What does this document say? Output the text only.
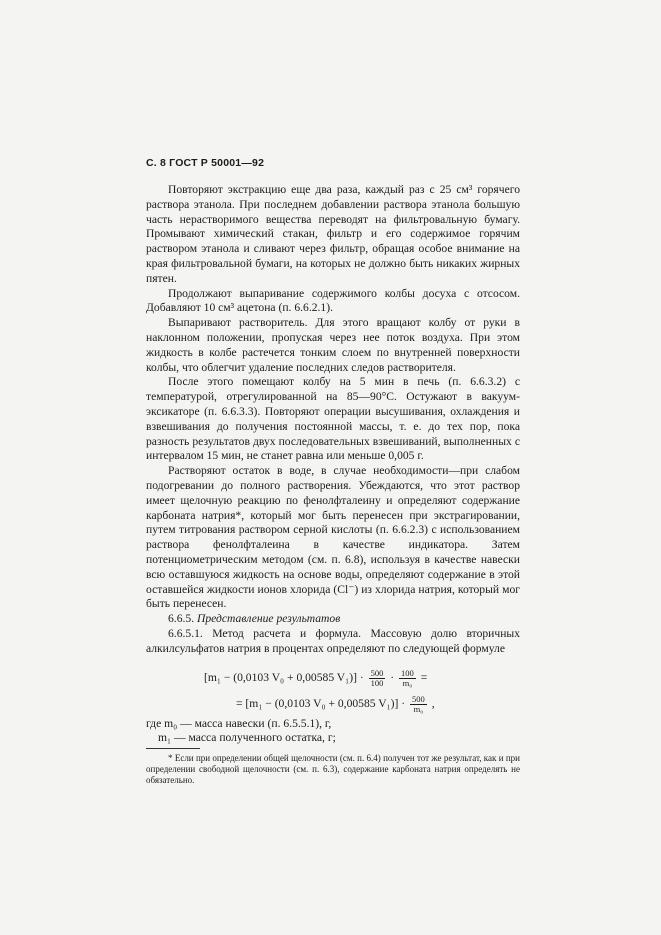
С. 8 ГОСТ Р 50001—92

Повторяют экстракцию еще два раза, каждый раз с 25 см³ горячего раствора этанола. При последнем добавлении раствора этанола большую часть нерастворимого вещества переводят на фильтровальную бумагу. Промывают химический стакан, фильтр и его содержимое горячим раствором этанола и сливают через фильтр, обращая особое внимание на края фильтровальной бумаги, на которых не должно быть никаких жирных пятен.

Продолжают выпаривание содержимого колбы досуха с отсосом. Добавляют 10 см³ ацетона (п. 6.6.2.1).

Выпаривают растворитель. Для этого вращают колбу от руки в наклонном положении, пропуская через нее поток воздуха. При этом жидкость в колбе растечется тонким слоем по внутренней поверхности колбы, что облегчит удаление последних следов растворителя.

После этого помещают колбу на 5 мин в печь (п. 6.6.3.2) с температурой, отрегулированной на 85—90°С. Остужают в вакуум-эксикаторе (п. 6.6.3.3). Повторяют операции высушивания, охлаждения и взвешивания до получения постоянной массы, т. е. до тех пор, пока разность результатов двух последовательных взвешиваний, выполненных с интервалом 15 мин, не станет равна или меньше 0,005 г.

Растворяют остаток в воде, в случае необходимости—при слабом подогревании до полного растворения. Убеждаются, что этот раствор имеет щелочную реакцию по фенолфталеину и определяют содержание карбоната натрия*, который мог быть перенесен при экстрагировании, путем титрования раствором серной кислоты (п. 6.6.2.3) с использованием раствора фенолфталеина в качестве индикатора. Затем потенциометрическим методом (см. п. 6.8), используя в качестве навески всю оставшуюся жидкость на основе воды, определяют содержание в этой оставшейся жидкости ионов хлорида (Cl⁻) из хлорида натрия, который мог быть перенесен.

6.6.5. Представление результатов

6.6.5.1. Метод расчета и формула. Массовую долю вторичных алкилсульфатов натрия в процентах определяют по следующей формуле

[m₁ − (0,0103 V₀ + 0,00585 $V_1)] \cdot \frac{500}{100} \cdot \frac{100}{\text{m₀}}$ =
= [m₁ − (0,0103 V₀ + 0,00585 $V_1)] \cdot \frac{500}{\text{m₀}}$ ,
где m₀ — масса навески (п. 6.5.5.1), г,
m₁ — масса полученного остатка, г;

* Если при определении общей щелочности (см. п. 6.4) получен тот же результат, как и при определении свободной щелочности (см. п. 6.3), содержание карбоната натрия определять не обязательно.
